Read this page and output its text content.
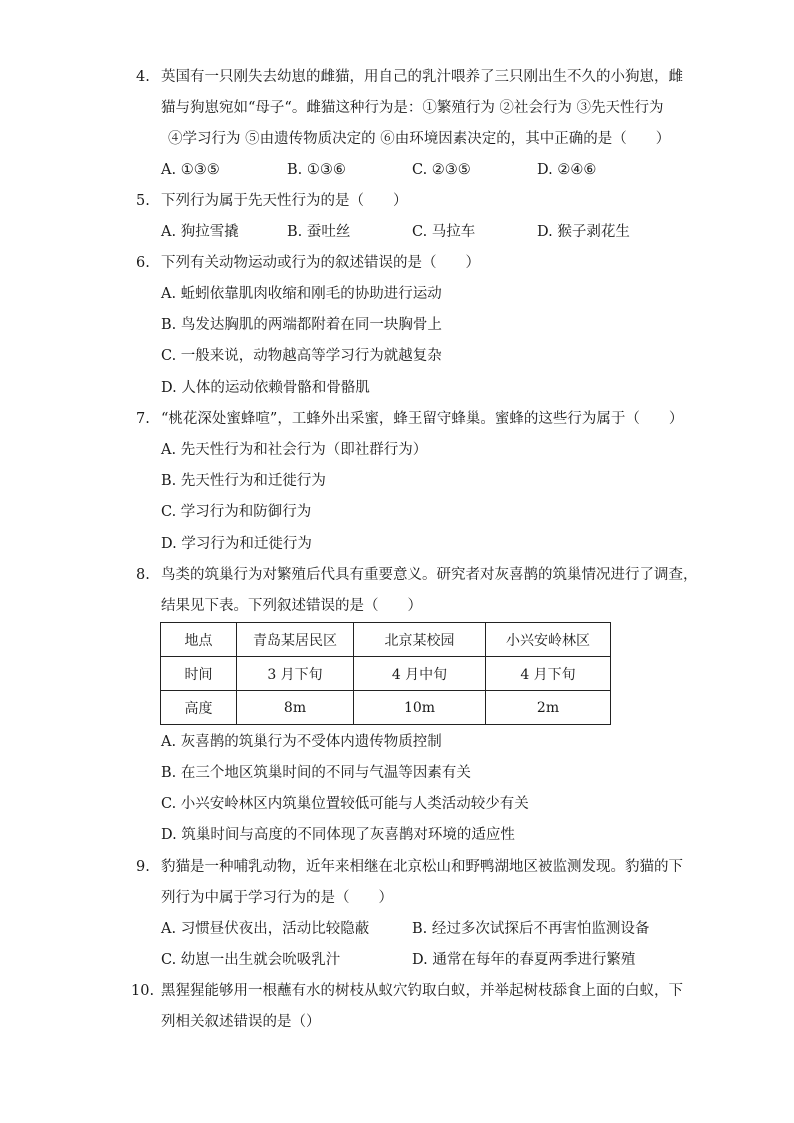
4. 英国有一只刚失去幼崽的雌猫，用自己的乳汁喂养了三只刚出生不久的小狗崽，雌
猫与狗崽宛如“母子“。雌猫这种行为是：①繁殖行为 ②社会行为 ③先天性行为
④学习行为 ⑤由遗传物质决定的 ⑥由环境因素决定的，其中正确的是（　　）
A. ①③⑤	B. ①③⑥	C. ②③⑤	D. ②④⑥
5. 下列行为属于先天性行为的是（　　）
A. 狗拉雪撬	B. 蚕吐丝	C. 马拉车	D. 猴子剥花生
6. 下列有关动物运动或行为的叙述错误的是（　　）
A. 蚯蚓依靠肌肉收缩和刚毛的协助进行运动
B. 鸟发达胸肌的两端都附着在同一块胸骨上
C. 一般来说，动物越高等学习行为就越复杂
D. 人体的运动依赖骨骼和骨骼肌
7. “桃花深处蜜蜂喧”，工蜂外出采蜜，蜂王留守蜂巢。蜜蜂的这些行为属于（　　）
A. 先天性行为和社会行为（即社群行为）
B. 先天性行为和迁徙行为
C. 学习行为和防御行为
D. 学习行为和迁徙行为
8. 鸟类的筑巢行为对繁殖后代具有重要意义。研究者对灰喜鹊的筑巢情况进行了调查，
结果见下表。下列叙述错误的是（　　）
地点	青岛某居民区	北京某校园	小兴安岭林区
时间	3 月下旬	4 月中旬	4 月下旬
高度	8m	10m	2m
A. 灰喜鹊的筑巢行为不受体内遗传物质控制
B. 在三个地区筑巢时间的不同与气温等因素有关
C. 小兴安岭林区内筑巢位置较低可能与人类活动较少有关
D. 筑巢时间与高度的不同体现了灰喜鹊对环境的适应性
9. 豹猫是一种哺乳动物，近年来相继在北京松山和野鸭湖地区被监测发现。豹猫的下
列行为中属于学习行为的是（　　）
A. 习惯昼伏夜出，活动比较隐蔽	B. 经过多次试探后不再害怕监测设备
C. 幼崽一出生就会吮吸乳汁	D. 通常在每年的春夏两季进行繁殖
10. 黑猩猩能够用一根蘸有水的树枝从蚁穴钓取白蚁，并举起树枝舔食上面的白蚁，下
列相关叙述错误的是（）
